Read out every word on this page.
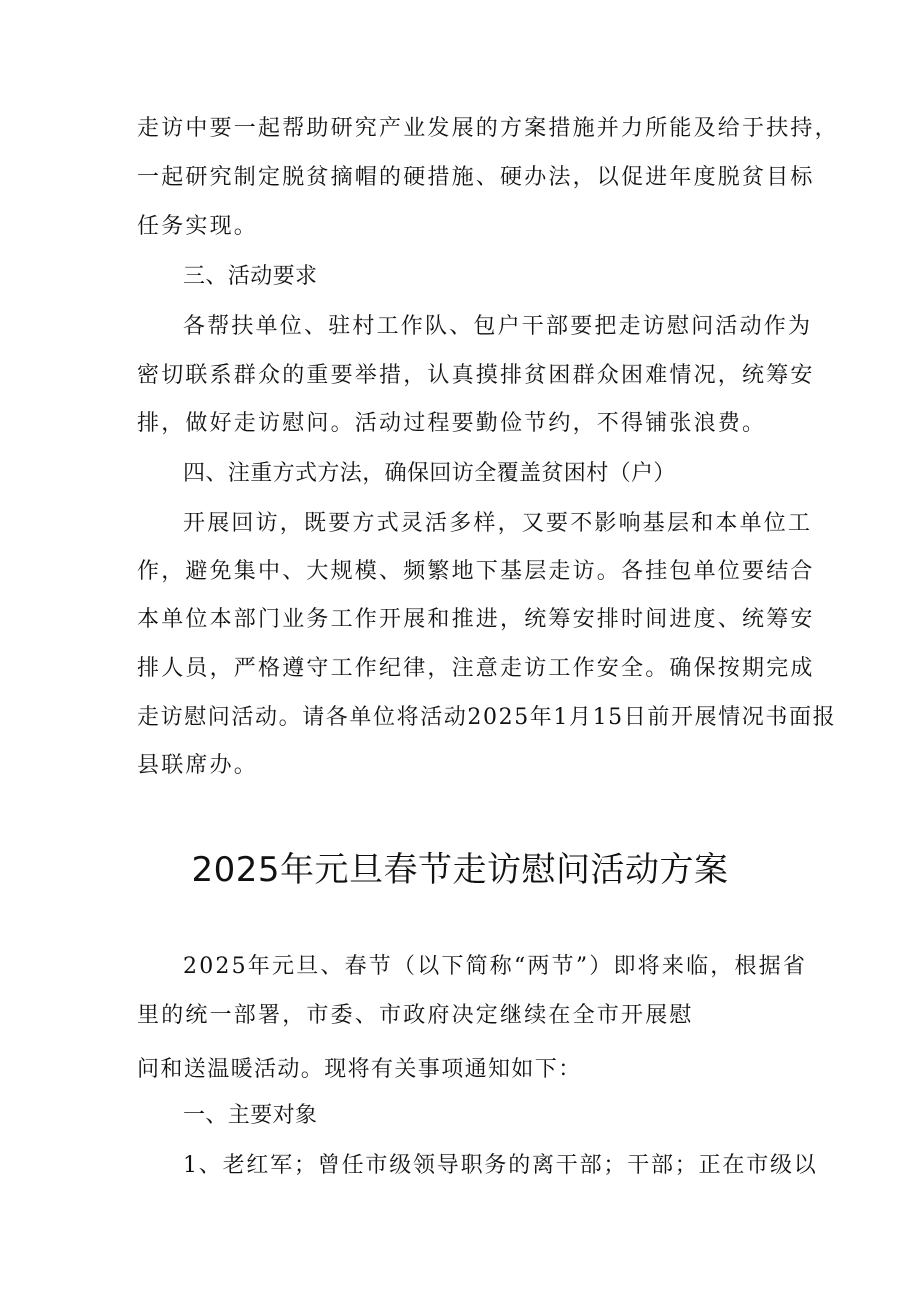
走访中要一起帮助研究产业发展的方案措施并力所能及给于扶持，
一起研究制定脱贫摘帽的硬措施、硬办法，以促进年度脱贫目标
任务实现。
三、活动要求
各帮扶单位、驻村工作队、包户干部要把走访慰问活动作为
密切联系群众的重要举措，认真摸排贫困群众困难情况，统筹安
排，做好走访慰问。活动过程要勤俭节约，不得铺张浪费。
四、注重方式方法，确保回访全覆盖贫困村（户）
开展回访，既要方式灵活多样，又要不影响基层和本单位工
作，避免集中、大规模、频繁地下基层走访。各挂包单位要结合
本单位本部门业务工作开展和推进，统筹安排时间进度、统筹安
排人员，严格遵守工作纪律，注意走访工作安全。确保按期完成
走访慰问活动。请各单位将活动2025年1月15日前开展情况书面报
县联席办。
2025年元旦春节走访慰问活动方案
2025年元旦、春节（以下简称“两节”）即将来临，根据省
里的统一部署，市委、市政府决定继续在全市开展慰
问和送温暖活动。现将有关事项通知如下：
一、主要对象
1、老红军；曾任市级领导职务的离干部；干部；正在市级以
